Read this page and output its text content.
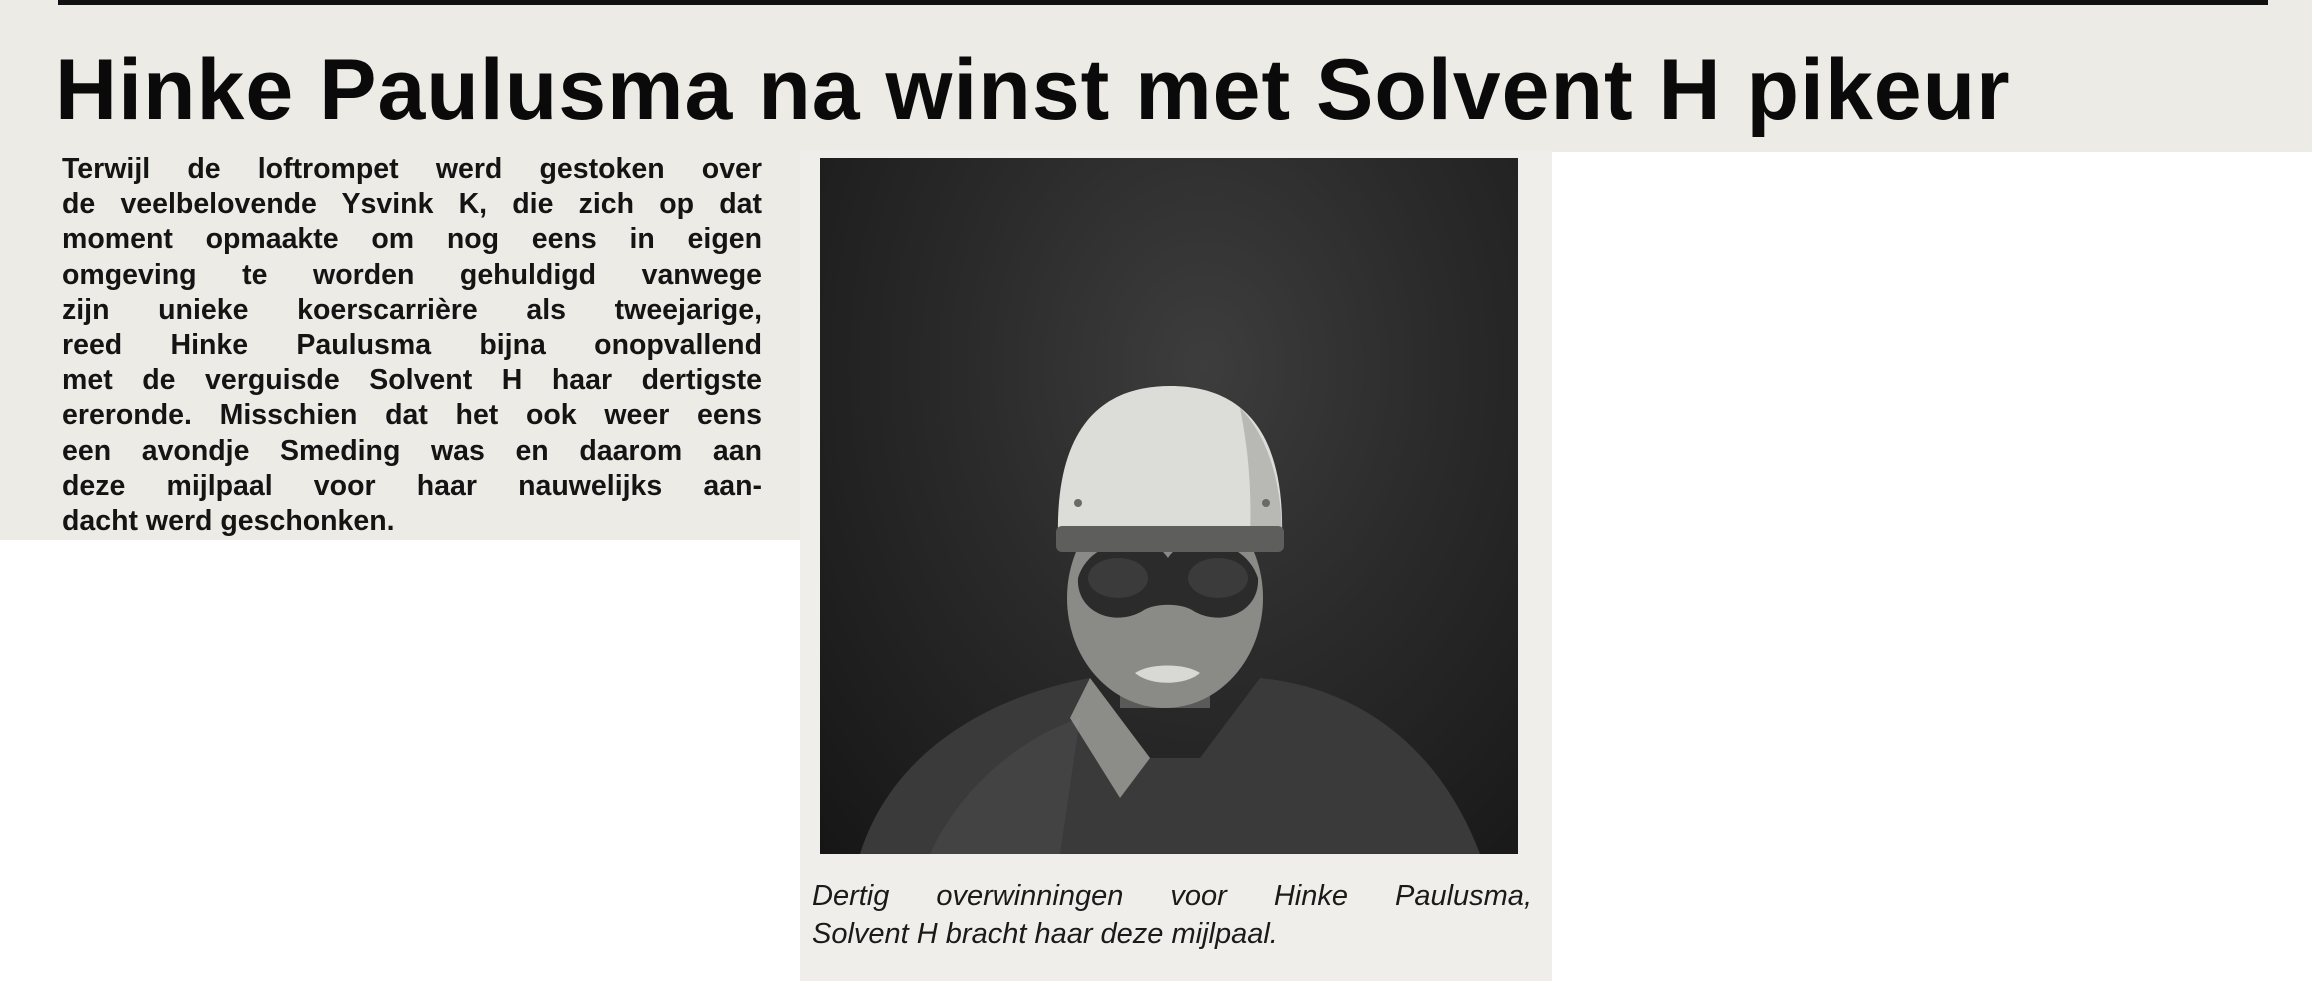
Hinke Paulusma na winst met Solvent H pikeur
Terwijl de loftrompet werd gestoken over
de veelbelovende Ysvink K, die zich op dat
moment opmaakte om nog eens in eigen
omgeving te worden gehuldigd vanwege
zijn unieke koerscarrière als tweejarige,
reed Hinke Paulusma bijna onopvallend
met de verguisde Solvent H haar dertigste
ereronde. Misschien dat het ook weer eens
een avondje Smeding was en daarom aan
deze mijlpaal voor haar nauwelijks aan-
dacht werd geschonken.
Dertig overwinningen voor Hinke Paulusma,
Solvent H bracht haar deze mijlpaal.
